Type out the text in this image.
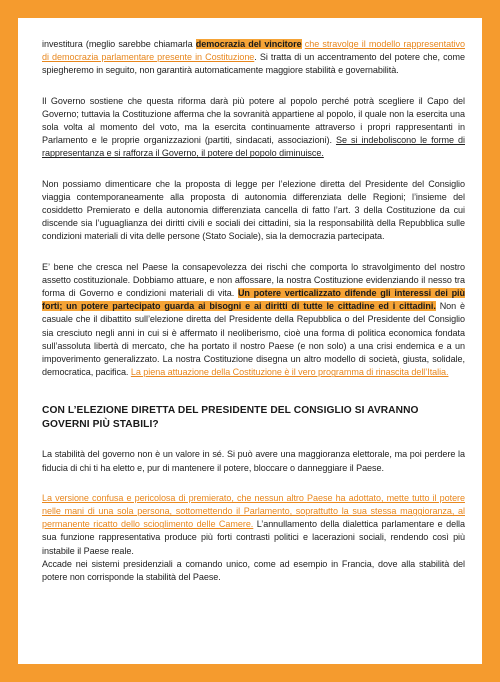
investitura (meglio sarebbe chiamarla democrazia del vincitore che stravolge il modello rappresentativo di democrazia parlamentare presente in Costituzione. Si tratta di un accentramento del potere che, come spiegheremo in seguito, non garantirà automaticamente maggiore stabilità e governabilità.

Il Governo sostiene che questa riforma darà più potere al popolo perché potrà scegliere il Capo del Governo; tuttavia la Costituzione afferma che la sovranità appartiene al popolo, il quale non la esercita una sola volta al momento del voto, ma la esercita continuamente attraverso i propri rappresentanti in Parlamento e le proprie organizzazioni (partiti, sindacati, associazioni). Se si indeboliscono le forme di rappresentanza e si rafforza il Governo, il potere del popolo diminuisce.

Non possiamo dimenticare che la proposta di legge per l’elezione diretta del Presidente del Consiglio viaggia contemporaneamente alla proposta di autonomia differenziata delle Regioni; l’insieme del cosiddetto Premierato e della autonomia differenziata cancella di fatto l’art. 3 della Costituzione da cui discende sia l’uguaglianza dei diritti civili e sociali dei cittadini, sia la responsabilità della Repubblica sulle condizioni materiali di vita delle persone (Stato Sociale), sia la democrazia partecipata.

E’ bene che cresca nel Paese la consapevolezza dei rischi che comporta lo stravolgimento del nostro assetto costituzionale. Dobbiamo attuare, e non affossare, la nostra Costituzione evidenziando il nesso tra forma di Governo e condizioni materiali di vita. Un potere verticalizzato difende gli interessi dei più forti; un potere partecipato guarda ai bisogni e ai diritti di tutte le cittadine ed i cittadini. Non è casuale che il dibattito sull’elezione diretta del Presidente della Repubblica o del Presidente del Consiglio sia cresciuto negli anni in cui si è affermato il neoliberismo, cioè una forma di politica economica fondata sull’assoluta libertà di mercato, che ha portato il nostro Paese (e non solo) a una crisi endemica e a un impoverimento generalizzato. La nostra Costituzione disegna un altro modello di società, giusta, solidale, democratica, pacifica. La piena attuazione della Costituzione è il vero programma di rinascita dell’Italia.

CON L’ELEZIONE DIRETTA DEL PRESIDENTE DEL CONSIGLIO SI AVRANNO GOVERNI PIÙ STABILI?

La stabilità del governo non è un valore in sé. Si può avere una maggioranza elettorale, ma poi perdere la fiducia di chi ti ha eletto e, pur di mantenere il potere, bloccare o danneggiare il Paese.

La versione confusa e pericolosa di premierato, che nessun altro Paese ha adottato, mette tutto il potere nelle mani di una sola persona, sottomettendo il Parlamento, soprattutto la sua stessa maggioranza, al permanente ricatto dello scioglimento delle Camere. L’annullamento della dialettica parlamentare e della sua funzione rappresentativa produce più forti contrasti politici e lacerazioni sociali, rendendo così più instabile il Paese reale.

Accade nei sistemi presidenziali a comando unico, come ad esempio in Francia, dove alla stabilità del potere non corrisponde la stabilità del Paese.
